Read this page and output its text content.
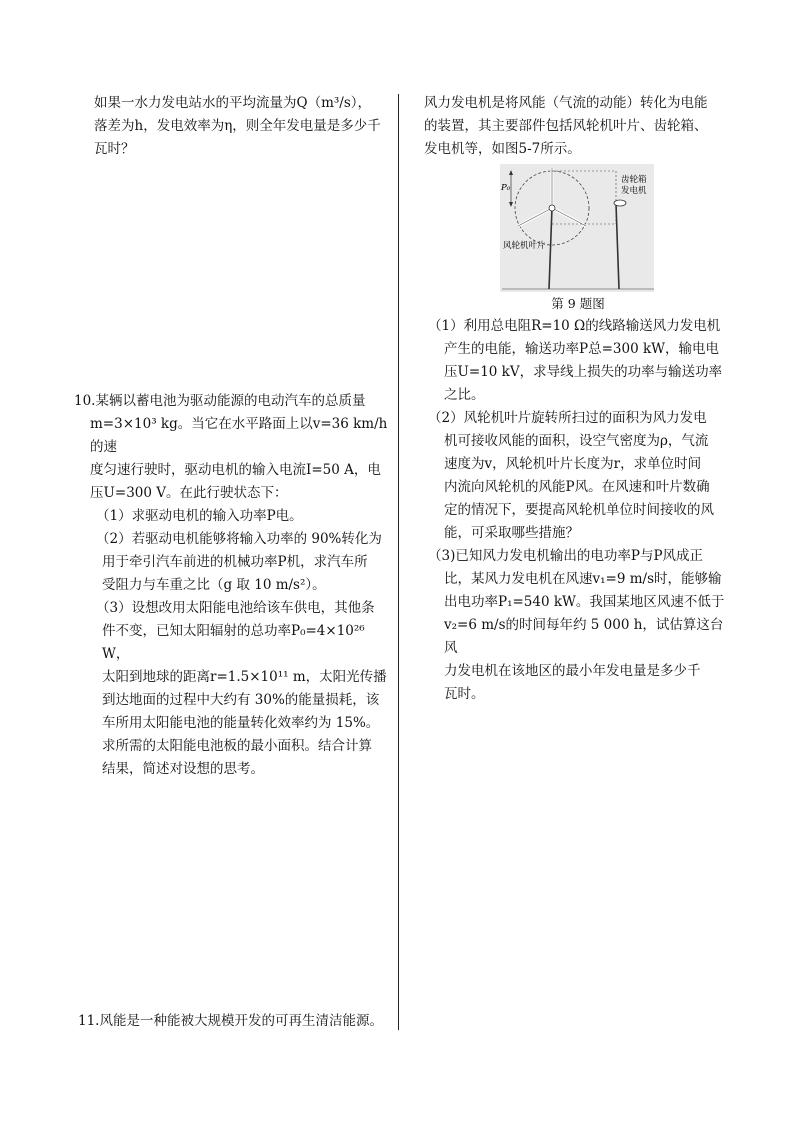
如果一水力发电站水的平均流量为Q（m³/s），

落差为h，发电效率为η，则全年发电量是多少千

瓦时？

10.某辆以蓄电池为驱动能源的电动汽车的总质量

m=3×10³ kg。当它在水平路面上以v=36 km/h的速

度匀速行驶时，驱动电机的输入电流I=50 A，电

压U=300 V。在此行驶状态下：

（1）求驱动电机的输入功率P电。

（2）若驱动电机能够将输入功率的 90%转化为

用于牵引汽车前进的机械功率P机，求汽车所

受阻力与车重之比（g 取 10 m/s²）。

（3）设想改用太阳能电池给该车供电，其他条

件不变，已知太阳辐射的总功率P₀=4×10²⁶ W，

太阳到地球的距离r=1.5×10¹¹ m，太阳光传播

到达地面的过程中大约有 30%的能量损耗，该

车所用太阳能电池的能量转化效率约为 15%。

求所需的太阳能电池板的最小面积。结合计算

结果，简述对设想的思考。

11.风能是一种能被大规模开发的可再生清洁能源。

风力发电机是将风能（气流的动能）转化为电能

的装置，其主要部件包括风轮机叶片、齿轮箱、

发电机等，如图5-7所示。

P₀
齿轮箱
发电机
风轮机叶片

第 9 题图

（1）利用总电阻R=10 Ω的线路输送风力发电机

产生的电能，输送功率P总=300 kW，输电电

压U=10 kV，求导线上损失的功率与输送功率

之比。

（2）风轮机叶片旋转所扫过的面积为风力发电

机可接收风能的面积，设空气密度为ρ，气流

速度为v，风轮机叶片长度为r，求单位时间

内流向风轮机的风能P风。在风速和叶片数确

定的情况下，要提高风轮机单位时间接收的风

能，可采取哪些措施？

（3)已知风力发电机输出的电功率P与P风成正

比，某风力发电机在风速v₁=9 m/s时，能够输

出电功率P₁=540 kW。我国某地区风速不低于

v₂=6 m/s的时间每年约 5 000 h，试估算这台风

力发电机在该地区的最小年发电量是多少千

瓦时。
